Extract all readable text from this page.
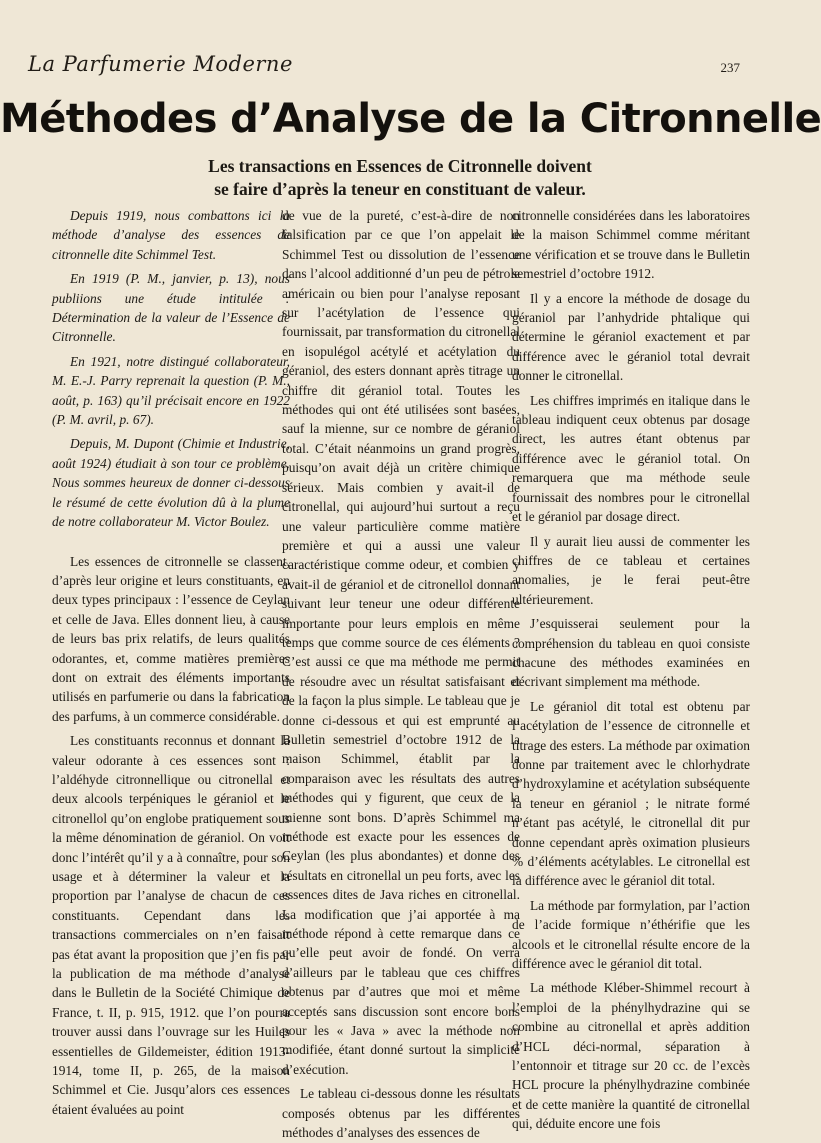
La Parfumerie Moderne	237
Méthodes d’Analyse de la Citronnelle
Les transactions en Essences de Citronnelle doivent
se faire d’après la teneur en constituant de valeur.

Depuis 1919, nous combattons ici la méthode d’analyse des essences de citronnelle dite Schimmel Test.

En 1919 (P. M., janvier, p. 13), nous publiions une étude intitulée : Détermination de la valeur de l’Essence de Citronnelle.

En 1921, notre distingué collaborateur, M. E.-J. Parry reprenait la question (P. M., août, p. 163) qu’il précisait encore en 1922 (P. M. avril, p. 67).

Depuis, M. Dupont (Chimie et Industrie, août 1924) étudiait à son tour ce problème. Nous sommes heureux de donner ci-dessous le résumé de cette évolution dû à la plume de notre collaborateur M. Victor Boulez.

Les essences de citronnelle se classent, d’après leur origine et leurs constituants, en deux types principaux : l’essence de Ceylan et celle de Java. Elles donnent lieu, à cause de leurs bas prix relatifs, de leurs qualités odorantes, et, comme matières premières dont on extrait des éléments importants utilisés en parfumerie ou dans la fabrication des parfums, à un commerce considérable.

Les constituants reconnus et donnant la valeur odorante à ces essences sont : l’aldéhyde citronnellique ou citronellal et deux alcools terpéniques le géraniol et le citronellol qu’on englobe pratiquement sous la même dénomination de géraniol. On voit donc l’intérêt qu’il y a à connaître, pour son usage et à déterminer la valeur et la proportion par l’analyse de chacun de ces constituants. Cependant dans les transactions commerciales on n’en faisait pas état avant la proposition que j’en fis par la publication de ma méthode d’analyse dans le Bulletin de la Société Chimique de France, t. II, p. 915, 1912. que l’on pourra trouver aussi dans l’ouvrage sur les Huiles essentielles de Gildemeister, édition 1913-1914, tome II, p. 265, de la maison Schimmel et Cie. Jusqu’alors ces essences étaient évaluées au point

de vue de la pureté, c’est-à-dire de non falsification par ce que l’on appelait le Schimmel Test ou dissolution de l’essence dans l’alcool additionné d’un peu de pétrole américain ou bien pour l’analyse reposant sur l’acétylation de l’essence qui fournissait, par transformation du citronellal en isopulégol acétylé et acétylation du géraniol, des esters donnant après titrage un chiffre dit géraniol total. Toutes les méthodes qui ont été utilisées sont basées, sauf la mienne, sur ce nombre de géraniol total. C’était néanmoins un grand progrès, puisqu’on avait déjà un critère chimique sérieux. Mais combien y avait-il de citronellal, qui aujourd’hui surtout a reçu une valeur particulière comme matière première et qui a aussi une valeur caractéristique comme odeur, et combien y avait-il de géraniol et de citronellol donnant suivant leur teneur une odeur différente importante pour leurs emplois en même temps que comme source de ces éléments ? C’est aussi ce que ma méthode me permit de résoudre avec un résultat satisfaisant et de la façon la plus simple. Le tableau que je donne ci-dessous et qui est emprunté au Bulletin semestriel d’octobre 1912 de la maison Schimmel, établit par la comparaison avec les résultats des autres méthodes qui y figurent, que ceux de la mienne sont bons. D’après Schimmel ma méthode est exacte pour les essences de Ceylan (les plus abondantes) et donne des résultats en citronellal un peu forts, avec les essences dites de Java riches en citronellal. La modification que j’ai apportée à ma méthode répond à cette remarque dans ce qu’elle peut avoir de fondé. On verra d’ailleurs par le tableau que ces chiffres obtenus par d’autres que moi et même acceptés sans discussion sont encore bons pour les « Java » avec la méthode non modifiée, étant donné surtout la simplicité d’exécution.

Le tableau ci-dessous donne les résultats composés obtenus par les différentes méthodes d’analyses des essences de

citronnelle considérées dans les laboratoires de la maison Schimmel comme méritant une vérification et se trouve dans le Bulletin semestriel d’octobre 1912.

Il y a encore la méthode de dosage du géraniol par l’anhydride phtalique qui détermine le géraniol exactement et par différence avec le géraniol total devrait donner le citronellal.

Les chiffres imprimés en italique dans le tableau indiquent ceux obtenus par dosage direct, les autres étant obtenus par différence avec le géraniol total. On remarquera que ma méthode seule fournissait des nombres pour le citronellal et le géraniol par dosage direct.

Il y aurait lieu aussi de commenter les chiffres de ce tableau et certaines anomalies, je le ferai peut-être ultérieurement.

J’esquisserai seulement pour la compréhension du tableau en quoi consiste chacune des méthodes examinées en décrivant simplement ma méthode.

Le géraniol dit total est obtenu par l’acétylation de l’essence de citronnelle et titrage des esters. La méthode par oximation donne par traitement avec le chlorhydrate d’hydroxylamine et acétylation subséquente la teneur en géraniol ; le nitrate formé n’étant pas acétylé, le citronellal dit pur donne cependant après oximation plusieurs % d’éléments acétylables. Le citronellal est la différence avec le géraniol dit total.

La méthode par formylation, par l’action de l’acide formique n’éthérifie que les alcools et le citronellal résulte encore de la différence avec le géraniol dit total.

La méthode Kléber-Shimmel recourt à l’emploi de la phénylhydrazine qui se combine au citronellal et après addition d’HCL déci-normal, séparation à l’entonnoir et titrage sur 20 cc. de l’excès HCL procure la phénylhydrazine combinée et de cette manière la quantité de citronellal qui, déduite encore une fois
